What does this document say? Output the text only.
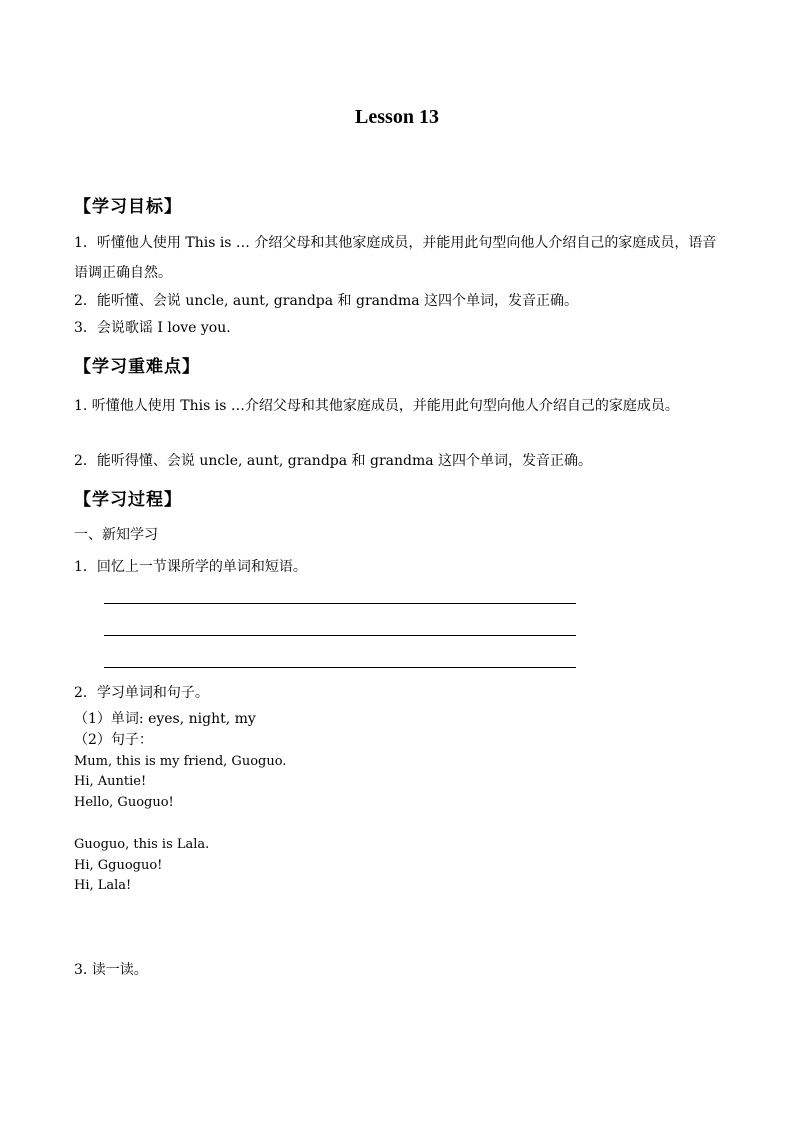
Lesson 13
【学习目标】
1．听懂他人使用 This is … 介绍父母和其他家庭成员，并能用此句型向他人介绍自己的家庭成员，语音语调正确自然。
2．能听懂、会说 uncle, aunt, grandpa 和 grandma 这四个单词，发音正确。
3．会说歌谣 I love you.
【学习重难点】
1. 听懂他人使用 This is …介绍父母和其他家庭成员，并能用此句型向他人介绍自己的家庭成员。
2．能听得懂、会说 uncle, aunt, grandpa 和 grandma 这四个单词，发音正确。
【学习过程】
一、新知学习
1．回忆上一节课所学的单词和短语。
2．学习单词和句子。
（1）单词: eyes, night, my
（2）句子：
Mum, this is my friend, Guoguo.
Hi, Auntie!
Hello, Guoguo!
Guoguo, this is Lala.
Hi, Gguoguo!
Hi, Lala!
3. 读一读。
